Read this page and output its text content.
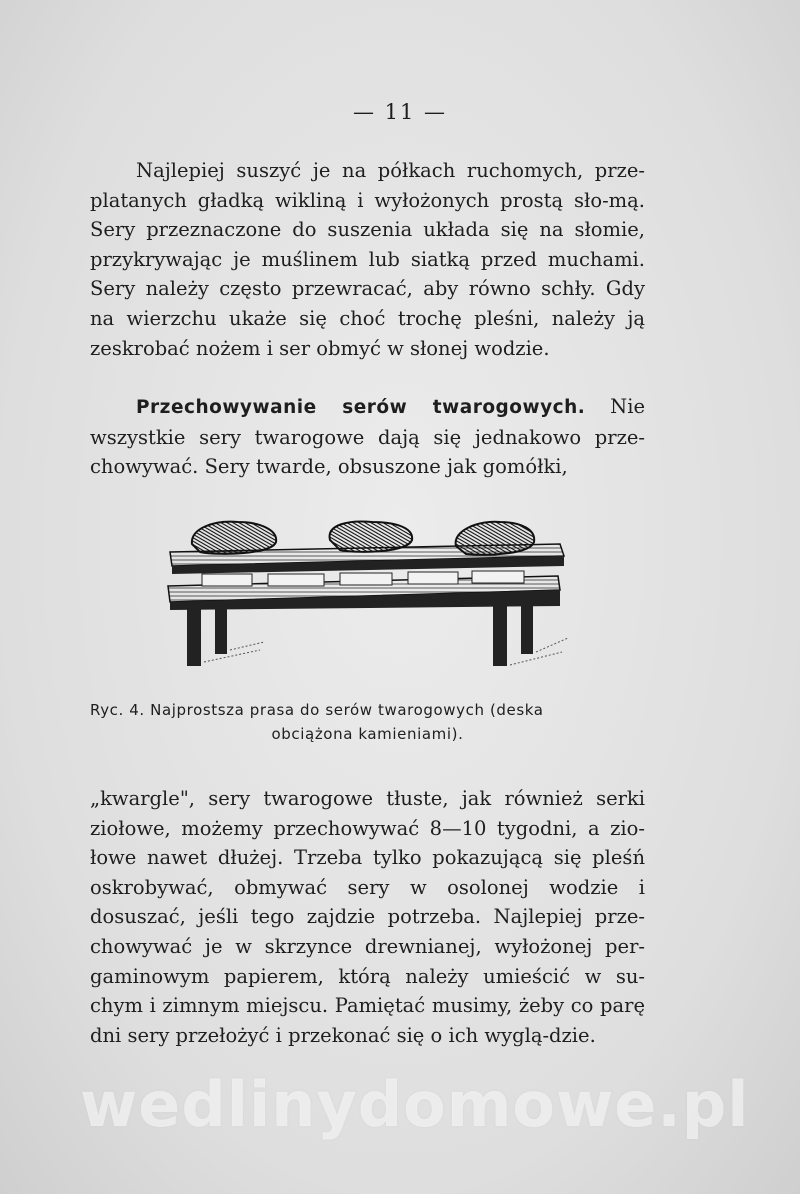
— 11 —
Najlepiej suszyć je na półkach ruchomych, prze-platanych gładką wikliną i wyłożonych prostą sło-mą. Sery przeznaczone do suszenia układa się na słomie, przykrywając je muślinem lub siatką przed muchami. Sery należy często przewracać, aby równo schły. Gdy na wierzchu ukaże się choć trochę pleśni, należy ją zeskrobać nożem i ser obmyć w słonej wodzie.
Przechowywanie serów twarogowych. Nie wszystkie sery twarogowe dają się jednakowo prze-chowywać. Sery twarde, obsuszone jak gomółki,
Ryc. 4. Najprostsza prasa do serów twarogowych (deska
obciążona kamieniami).
„kwargle", sery twarogowe tłuste, jak również serki ziołowe, możemy przechowywać 8—10 tygodni, a zio-łowe nawet dłużej. Trzeba tylko pokazującą się pleśń oskrobywać, obmywać sery w osolonej wodzie i dosuszać, jeśli tego zajdzie potrzeba. Najlepiej prze-chowywać je w skrzynce drewnianej, wyłożonej per-gaminowym papierem, którą należy umieścić w su-chym i zimnym miejscu. Pamiętać musimy, żeby co parę dni sery przełożyć i przekonać się o ich wyglą-dzie.
wedlinydomowe.pl
